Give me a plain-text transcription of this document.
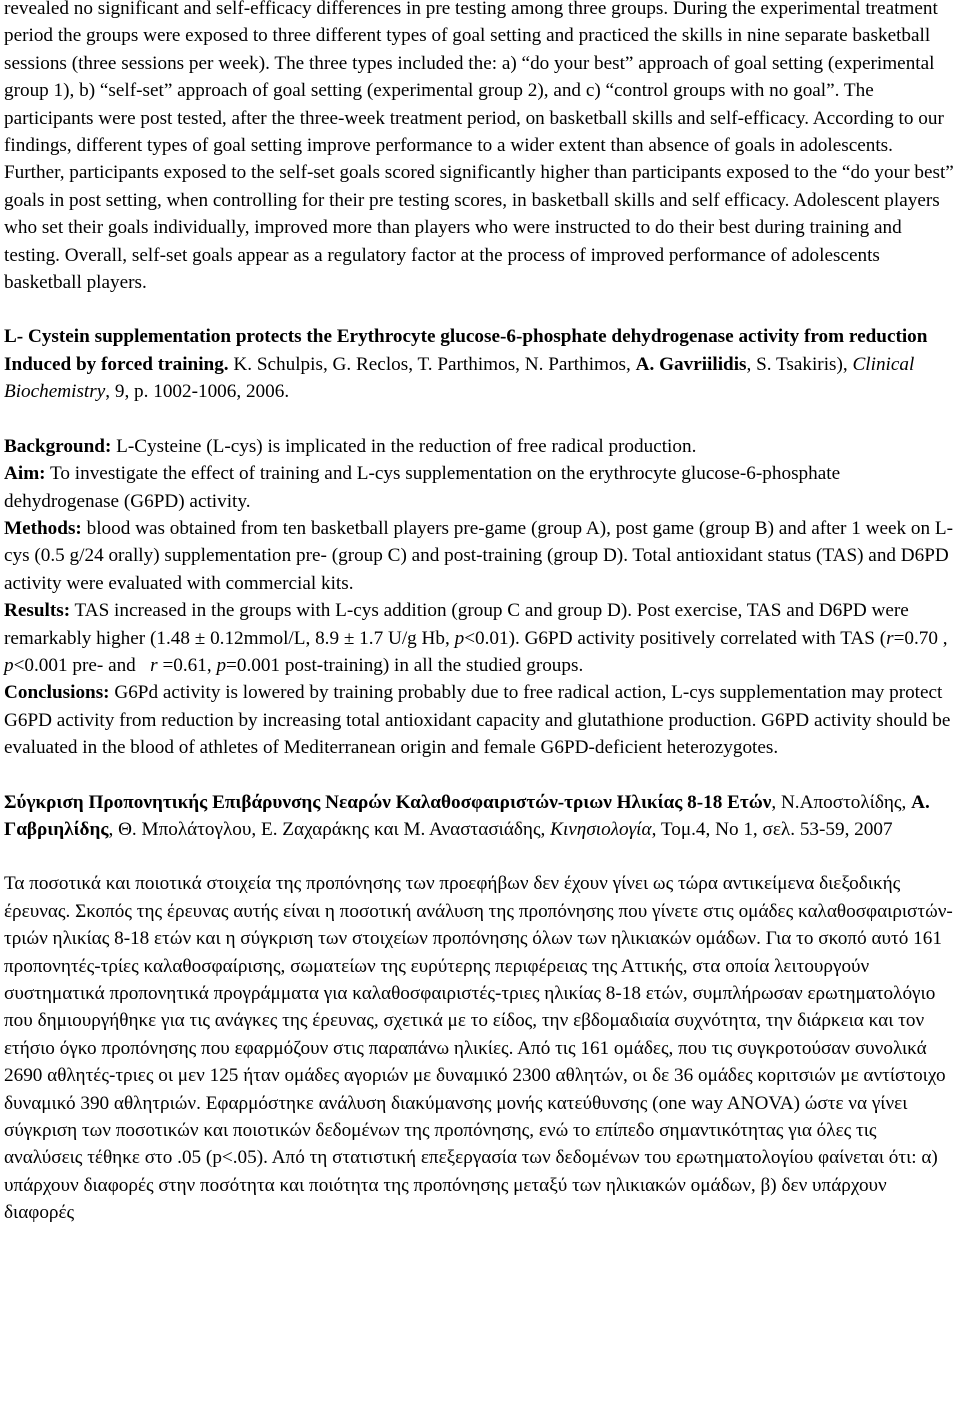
revealed no significant and self-efficacy differences in pre testing among three groups. During the experimental treatment period the groups were exposed to three different types of goal setting and practiced the skills in nine separate basketball sessions (three sessions per week). The three types included the: a) “do your best” approach of goal setting (experimental group 1), b) “self-set” approach of goal setting (experimental group 2), and c) “control groups with no goal”. The participants were post tested, after the three-week treatment period, on basketball skills and self-efficacy. According to our findings, different types of goal setting improve performance to a wider extent than absence of goals in adolescents. Further, participants exposed to the self-set goals scored significantly higher than participants exposed to the “do your best” goals in post setting, when controlling for their pre testing scores, in basketball skills and self efficacy. Adolescent players who set their goals individually, improved more than players who were instructed to do their best during training and testing. Overall, self-set goals appear as a regulatory factor at the process of improved performance of adolescents basketball players.

L- Cystein supplementation protects the Erythrocyte glucose-6-phosphate dehydrogenase activity from reduction Induced by forced training. K. Schulpis, G. Reclos, T. Parthimos, N. Parthimos, A. Gavriilidis, S. Tsakiris), Clinical Biochemistry, 9, p. 1002-1006, 2006.

Background: L-Cysteine (L-cys) is implicated in the reduction of free radical production.

Aim: To investigate the effect of training and L-cys supplementation on the erythrocyte glucose-6-phosphate dehydrogenase (G6PD) activity.

Methods: blood was obtained from ten basketball players pre-game (group A), post game (group B) and after 1 week on L-cys (0.5 g/24 orally) supplementation pre- (group C) and post-training (group D). Total antioxidant status (TAS) and D6PD activity were evaluated with commercial kits.

Results: TAS increased in the groups with L-cys addition (group C and group D). Post exercise, TAS and D6PD were remarkably higher (1.48 ± 0.12mmol/L, 8.9 ± 1.7 U/g Hb, p<0.01). G6PD activity positively correlated with TAS (r=0.70 , p<0.001 pre- and   r =0.61, p=0.001 post-training) in all the studied groups.

Conclusions: G6Pd activity is lowered by training probably due to free radical action, L-cys supplementation may protect G6PD activity from reduction by increasing total antioxidant capacity and glutathione production. G6PD activity should be evaluated in the blood of athletes of Mediterranean origin and female G6PD-deficient heterozygotes.

Σύγκριση Προπονητικής Επιβάρυνσης Νεαρών Καλαθοσφαιριστών-τριων Ηλικίας 8-18 Ετών, Ν.Αποστολίδης, Α. Γαβριηλίδης, Θ. Μπολάτογλου, Ε. Ζαχαράκης και Μ. Αναστασιάδης, Κινησιολογία, Τομ.4, Νο 1, σελ. 53-59, 2007

Τα ποσοτικά και ποιοτικά στοιχεία της προπόνησης των προεφήβων δεν έχουν γίνει ως τώρα αντικείμενα διεξοδικής έρευνας. Σκοπός της έρευνας αυτής είναι η ποσοτική ανάλυση της προπόνησης που γίνετε στις ομάδες καλαθοσφαιριστών-τριών ηλικίας 8-18 ετών και η σύγκριση των στοιχείων προπόνησης όλων των ηλικιακών ομάδων. Για το σκοπό αυτό 161 προπονητές-τρίες καλαθοσφαίρισης, σωματείων της ευρύτερης περιφέρειας της Αττικής, στα οποία λειτουργούν συστηματικά προπονητικά προγράμματα για καλαθοσφαιριστές-τριες ηλικίας 8-18 ετών, συμπλήρωσαν ερωτηματολόγιο που δημιουργήθηκε για τις ανάγκες της έρευνας, σχετικά με το είδος, την εβδομαδιαία συχνότητα, την διάρκεια και τον ετήσιο όγκο προπόνησης που εφαρμόζουν στις παραπάνω ηλικίες. Από τις 161 ομάδες, που τις συγκροτούσαν συνολικά 2690 αθλητές-τριες οι μεν 125 ήταν ομάδες αγοριών με δυναμικό 2300 αθλητών, οι δε 36 ομάδες κοριτσιών με αντίστοιχο δυναμικό 390 αθλητριών. Εφαρμόστηκε ανάλυση διακύμανσης μονής κατεύθυνσης (one way ANOVA) ώστε να γίνει σύγκριση των ποσοτικών και ποιοτικών δεδομένων της προπόνησης, ενώ το επίπεδο σημαντικότητας για όλες τις αναλύσεις τέθηκε στο .05 (p<.05). Από τη στατιστική επεξεργασία των δεδομένων του ερωτηματολογίου φαίνεται ότι: α) υπάρχουν διαφορές στην ποσότητα και ποιότητα της προπόνησης μεταξύ των ηλικιακών ομάδων, β) δεν υπάρχουν διαφορές
